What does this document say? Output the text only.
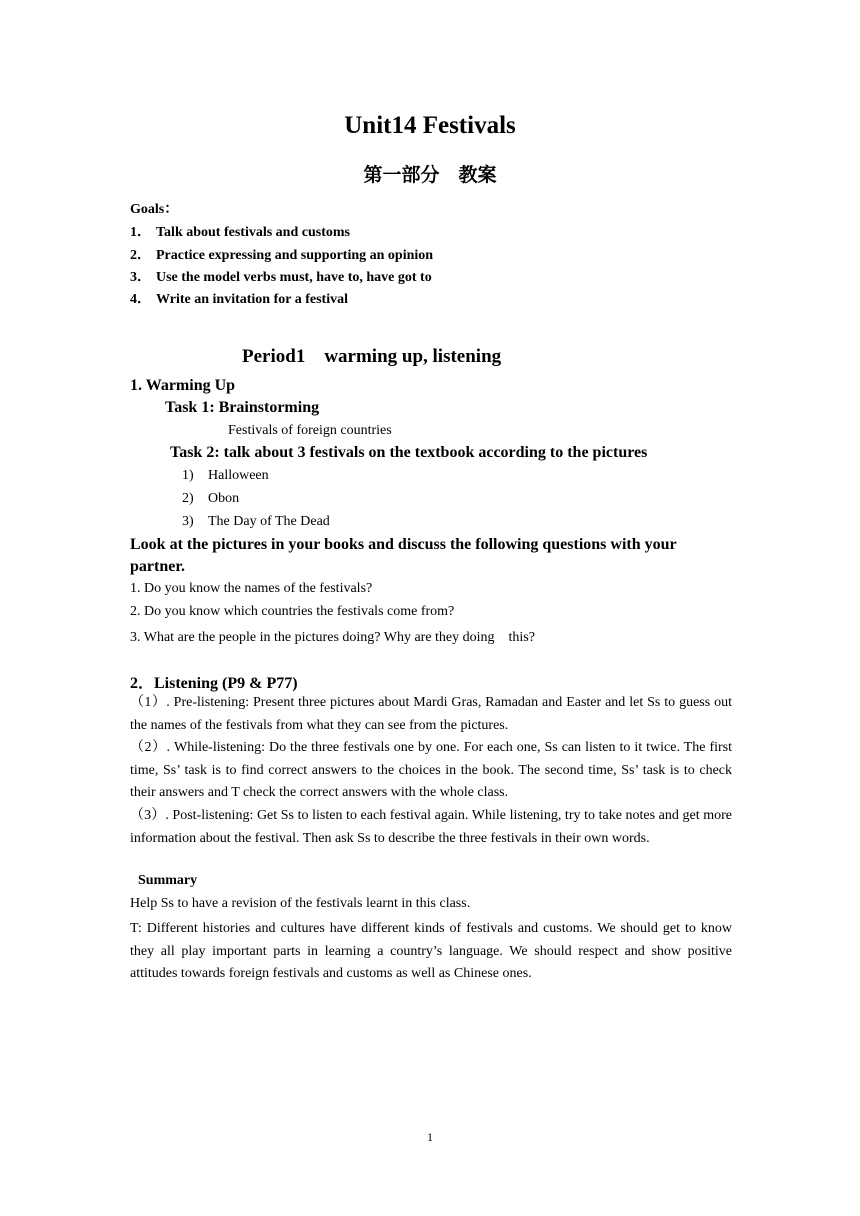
Unit14 Festivals
第一部分　教案
Goals：
1． Talk about festivals and customs
2． Practice expressing and supporting an opinion
3． Use the model verbs must, have to, have got to
4． Write an invitation for a festival
Period1　warming up, listening
1. Warming Up
Task 1: Brainstorming
Festivals of foreign countries
Task 2: talk about 3 festivals on the textbook according to the pictures
1) Halloween
2) Obon
3) The Day of The Dead
Look at the pictures in your books and discuss the following questions with your partner.
1. Do you know the names of the festivals?
2. Do you know which countries the festivals come from?
3. What are the people in the pictures doing? Why are they doing　this?
2．Listening (P9 & P77)
（1）. Pre-listening: Present three pictures about Mardi Gras, Ramadan and Easter and let Ss to guess out the names of the festivals from what they can see from the pictures.
（2）. While-listening: Do the three festivals one by one. For each one, Ss can listen to it twice. The first time, Ss’ task is to find correct answers to the choices in the book. The second time, Ss’ task is to check their answers and T check the correct answers with the whole class.
（3）. Post-listening: Get Ss to listen to each festival again. While listening, try to take notes and get more information about the festival. Then ask Ss to describe the three festivals in their own words.
Summary
Help Ss to have a revision of the festivals learnt in this class.
T: Different histories and cultures have different kinds of festivals and customs. We should get to know they all play important parts in learning a country’s language. We should respect and show positive attitudes towards foreign festivals and customs as well as Chinese ones.
1
